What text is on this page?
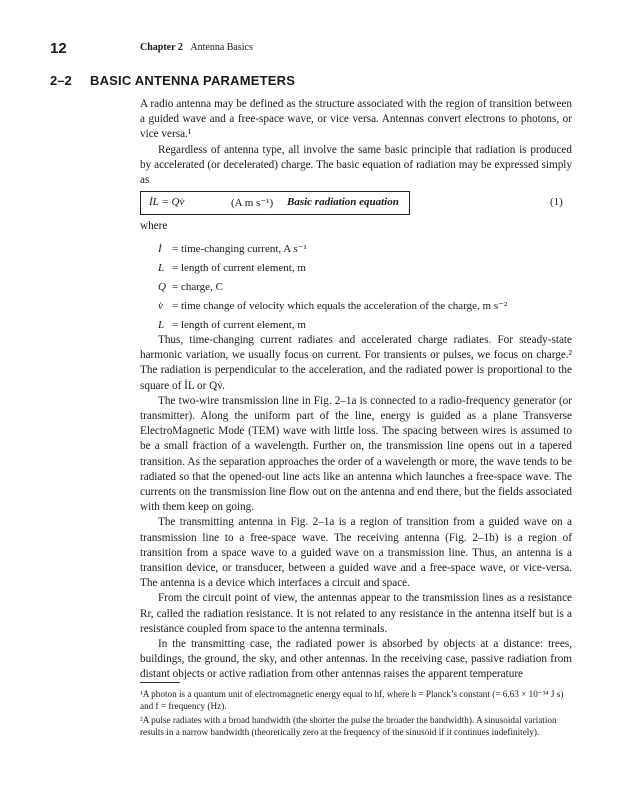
12	Chapter 2 Antenna Basics
2–2 BASIC ANTENNA PARAMETERS

A radio antenna may be defined as the structure associated with the region of transition between a guided wave and a free-space wave, or vice versa. Antennas convert electrons to photons, or vice versa.¹

Regardless of antenna type, all involve the same basic principle that radiation is produced by accelerated (or decelerated) charge. The basic equation of radiation may be expressed simply as

İL = Qv̇	(A m s⁻¹) Basic radiation equation	(1)
where
İ = time-changing current, A s⁻¹
L = length of current element, m
Q = charge, C
v̇ = time change of velocity which equals the acceleration of the charge, m s⁻²
L = length of current element, m

Thus, time-changing current radiates and accelerated charge radiates. For steady-state harmonic variation, we usually focus on current. For transients or pulses, we focus on charge.² The radiation is perpendicular to the acceleration, and the radiated power is proportional to the square of İL or Qv̇.

The two-wire transmission line in Fig. 2–1a is connected to a radio-frequency generator (or transmitter). Along the uniform part of the line, energy is guided as a plane Transverse ElectroMagnetic Mode (TEM) wave with little loss. The spacing between wires is assumed to be a small fraction of a wavelength. Further on, the transmission line opens out in a tapered transition. As the separation approaches the order of a wavelength or more, the wave tends to be radiated so that the opened-out line acts like an antenna which launches a free-space wave. The currents on the transmission line flow out on the antenna and end there, but the fields associated with them keep on going.

The transmitting antenna in Fig. 2–1a is a region of transition from a guided wave on a transmission line to a free-space wave. The receiving antenna (Fig. 2–1b) is a region of transition from a space wave to a guided wave on a transmission line. Thus, an antenna is a transition device, or transducer, between a guided wave and a free-space wave, or vice-versa. The antenna is a device which interfaces a circuit and space.

From the circuit point of view, the antennas appear to the transmission lines as a resistance Rr, called the radiation resistance. It is not related to any resistance in the antenna itself but is a resistance coupled from space to the antenna terminals.

In the transmitting case, the radiated power is absorbed by objects at a distance: trees, buildings, the ground, the sky, and other antennas. In the receiving case, passive radiation from distant objects or active radiation from other antennas raises the apparent temperature

¹A photon is a quantum unit of electromagnetic energy equal to hf, where h = Planck’s constant (= 6.63 × 10⁻³⁴ J s) and f = frequency (Hz).
²A pulse radiates with a broad bandwidth (the shorter the pulse the broader the bandwidth). A sinusoidal variation results in a narrow bandwidth (theoretically zero at the frequency of the sinusoid if it continues indefinitely).
